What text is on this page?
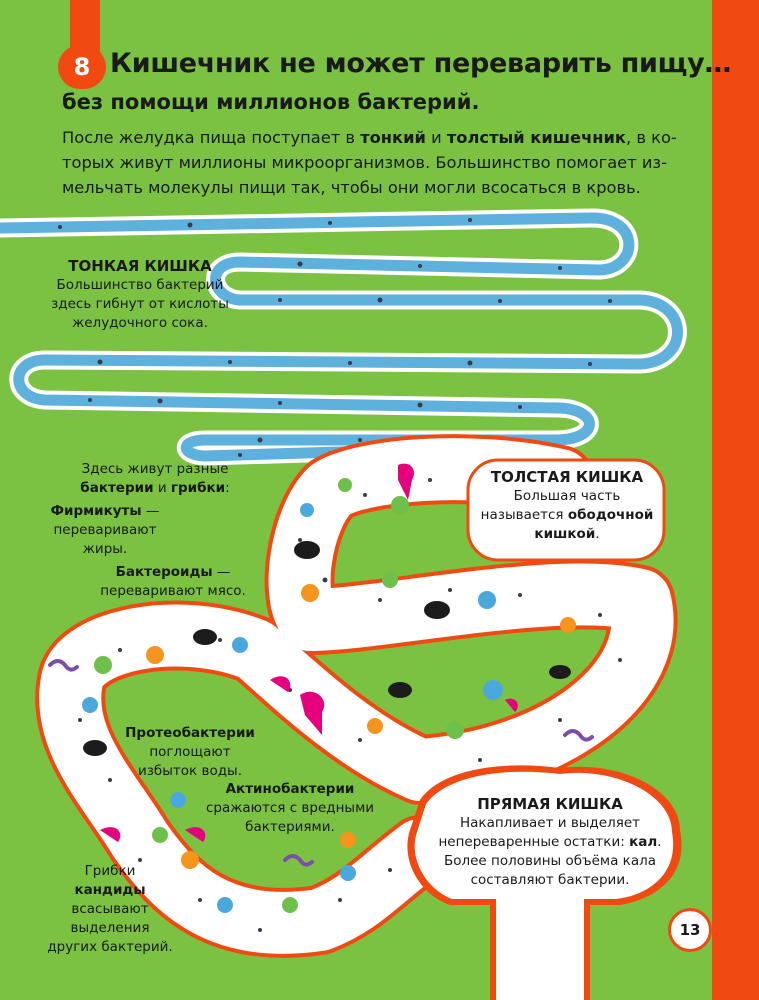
8 Кишечник не может переварить пищу…
без помощи миллионов бактерий.
После желудка пища поступает в тонкий и толстый кишечник, в ко-торых живут миллионы микроорганизмов. Большинство помогает из-мельчать молекулы пищи так, чтобы они могли всосаться в кровь.
ТОНКАЯ КИШКА
Большинство бактерий здесь гибнут от кислоты желудочного сока.
ТОЛСТАЯ КИШКА
Большая часть называется ободочной кишкой.
ПРЯМАЯ КИШКА
Накапливает и выделяет непереваренные остатки: кал. Более половины объёма кала составляют бактерии.
Здесь живут разные бактерии и грибки:
Фирмикуты —
переваривают жиры.
Бактероиды —
переваривают мясо.
Протеобактерии
поглощают избыток воды.
Актинобактерии
сражаются с вредными бактериями.
Грибки
кандиды
всасывают выделения других бактерий.
13
